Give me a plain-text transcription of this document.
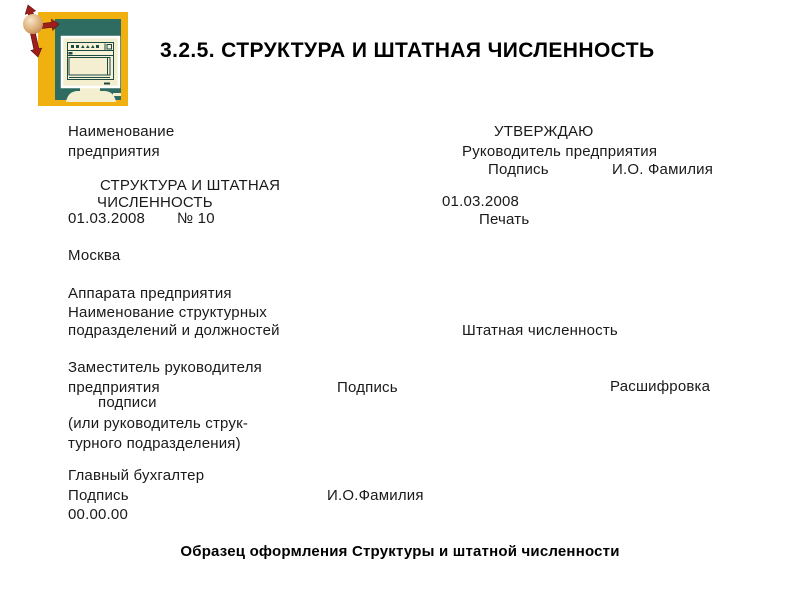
3.2.5. СТРУКТУРА И ШТАТНАЯ ЧИСЛЕННОСТЬ
Наименование
предприятия
УТВЕРЖДАЮ
Руководитель предприятия
Подпись	И.О. Фамилия
СТРУКТУРА И ШТАТНАЯ
ЧИСЛЕННОСТЬ	01.03.2008
01.03.2008 № 10	Печать
Москва
Аппарата предприятия
Наименование структурных
подразделений и должностей	Штатная численность
Заместитель руководителя
предприятия	Подпись	Расшифровка
подписи
(или руководитель струк-
турного подразделения)
Главный бухгалтер
Подпись	И.О.Фамилия
00.00.00
Образец оформления Структуры и штатной численности
